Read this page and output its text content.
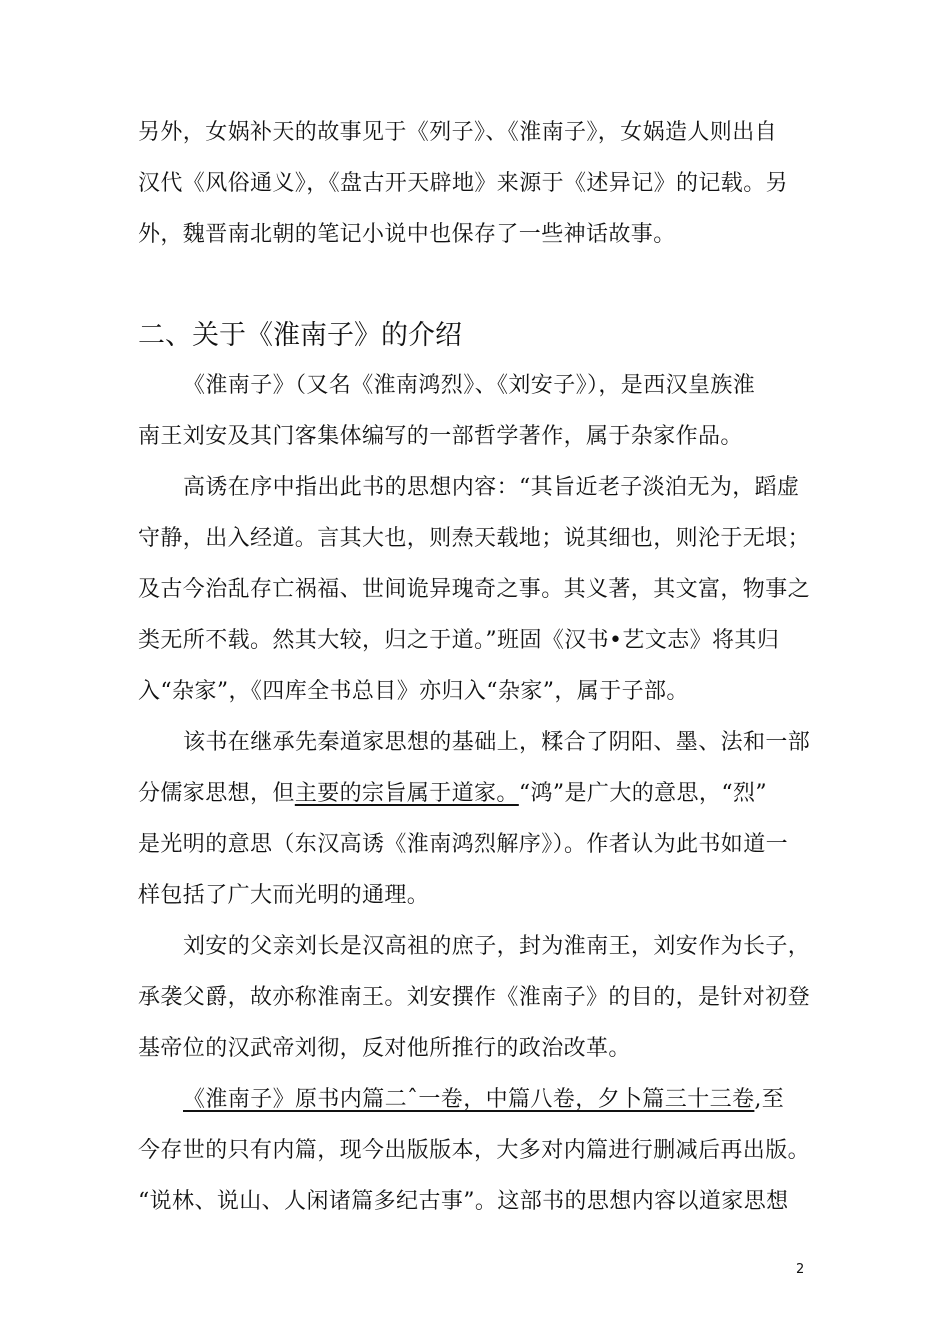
另外，女娲补天的故事见于《列子》、《淮南子》，女娲造人则出自
汉代《风俗通义》，《盘古开天辟地》来源于《述异记》的记载。另
外，魏晋南北朝的笔记小说中也保存了一些神话故事。
二、关于《淮南子》的介绍
《淮南子》（又名《淮南鸿烈》、《刘安子》），是西汉皇族淮
南王刘安及其门客集体编写的一部哲学著作，属于杂家作品。
高诱在序中指出此书的思想内容：“其旨近老子淡泊无为，蹈虚
守静，出入经道。言其大也，则焘天载地；说其细也，则沦于无垠；
及古今治乱存亡祸福、世间诡异瑰奇之事。其义著，其文富，物事之
类无所不载。然其大较，归之于道。”班固《汉书•艺文志》将其归
入“杂家”，《四库全书总目》亦归入“杂家”，属于子部。
该书在继承先秦道家思想的基础上，糅合了阴阳、墨、法和一部
分儒家思想，但主要的宗旨属于道家。“鸿”是广大的意思，“烈”
是光明的意思（东汉高诱《淮南鸿烈解序》）。作者认为此书如道一
样包括了广大而光明的通理。
刘安的父亲刘长是汉高祖的庶子，封为淮南王，刘安作为长子，
承袭父爵，故亦称淮南王。刘安撰作《淮南子》的目的，是针对初登
基帝位的汉武帝刘彻，反对他所推行的政治改革。
《淮南子》原书内篇二ˆ一卷，中篇八卷，夕卜篇三十三卷,至
今存世的只有内篇，现今出版版本，大多对内篇进行删减后再出版。
“说林、说山、人闲诸篇多纪古事”。这部书的思想内容以道家思想
2
